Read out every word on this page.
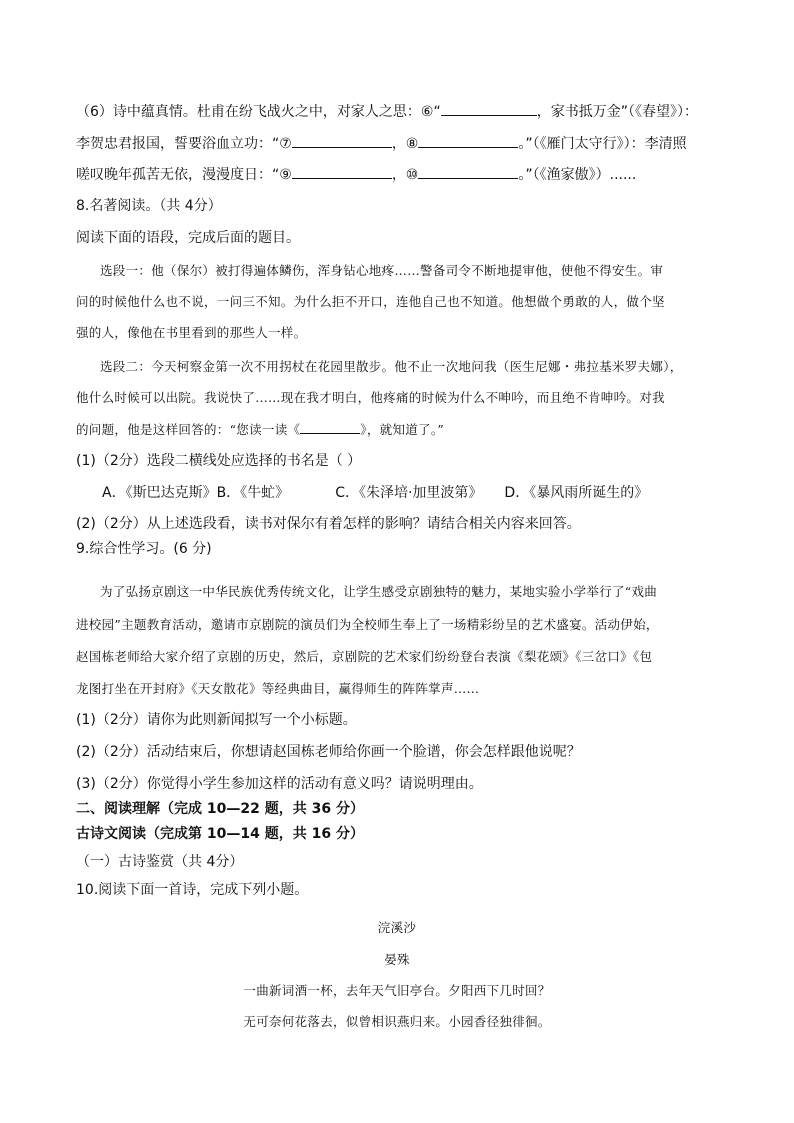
（6）诗中蕴真情。杜甫在纷飞战火之中，对家人之思：⑥“	，家书抵万金”（《春望》）：
李贺忠君报国，誓要浴血立功：“⑦	，⑧	。”（《雁门太守行》）：李清照
嗟叹晚年孤苦无依，漫漫度日：“⑨	，⑩	。”（《渔家傲》）......
8.名著阅读。（共 4分）
阅读下面的语段，完成后面的题目。
选段一：他（保尔）被打得遍体鳞伤，浑身钻心地疼……警备司令不断地提审他，使他不得安生。审
问的时候他什么也不说，一问三不知。为什么拒不开口，连他自己也不知道。他想做个勇敢的人，做个坚
强的人，像他在书里看到的那些人一样。
选段二：今天柯察金第一次不用拐杖在花园里散步。他不止一次地问我（医生尼娜・弗拉基米罗夫娜），
他什么时候可以出院。我说快了……现在我才明白，他疼痛的时候为什么不呻吟，而且绝不肯呻吟。对我
的问题，他是这样回答的：“您读一读《	》，就知道了。”
(1)（2分）选段二横线处应选择的书名是（ ）
A．《斯巴达克斯》B．《牛虻》	C．《朱泽培·加里波第》 D．《暴风雨所诞生的》
(2)（2分）从上述选段看，读书对保尔有着怎样的影响？请结合相关内容来回答。
9.综合性学习。(6 分)
为了弘扬京剧这一中华民族优秀传统文化，让学生感受京剧独特的魅力，某地实验小学举行了“戏曲
进校园”主题教育活动，邀请市京剧院的演员们为全校师生奉上了一场精彩纷呈的艺术盛宴。活动伊始，
赵国栋老师给大家介绍了京剧的历史，然后，京剧院的艺术家们纷纷登台表演《梨花颂》《三岔口》《包
龙图打坐在开封府》《天女散花》等经典曲目，赢得师生的阵阵掌声……
(1)（2分）请你为此则新闻拟写一个小标题。
(2)（2分）活动结束后，你想请赵国栋老师给你画一个脸谱，你会怎样跟他说呢？
(3)（2分）你觉得小学生参加这样的活动有意义吗？请说明理由。
二、阅读理解（完成 10—22 题，共 36 分）
古诗文阅读（完成第 10—14 题，共 16 分）
（一）古诗鉴赏（共 4分）
10.阅读下面一首诗，完成下列小题。
浣溪沙
晏殊
一曲新词酒一杯，去年天气旧亭台。夕阳西下几时回？
无可奈何花落去，似曾相识燕归来。小园香径独徘徊。
